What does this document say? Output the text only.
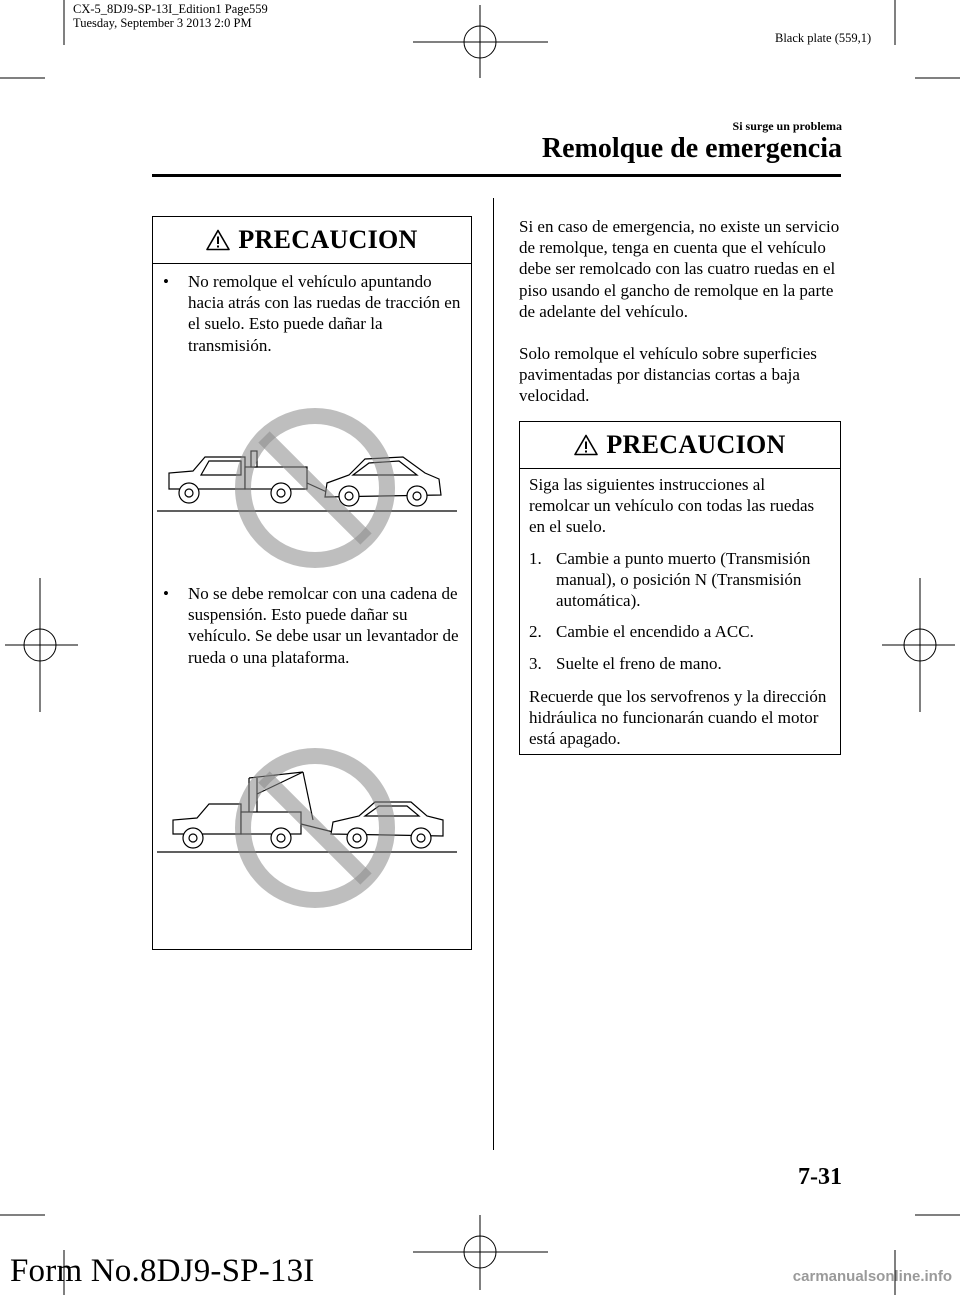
CX-5_8DJ9-SP-13I_Edition1 Page559
Tuesday, September 3 2013 2:0 PM
Black plate (559,1)
Si surge un problema
Remolque de emergencia
PRECAUCION
•	No remolque el vehículo apuntando hacia atrás con las ruedas de tracción en el suelo. Esto puede dañar la transmisión.
•	No se debe remolcar con una cadena de suspensión. Esto puede dañar su vehículo. Se debe usar un levantador de rueda o una plataforma.
Si en caso de emergencia, no existe un servicio de remolque, tenga en cuenta que el vehículo debe ser remolcado con las cuatro ruedas en el piso usando el gancho de remolque en la parte de adelante del vehículo.
Solo remolque el vehículo sobre superficies pavimentadas por distancias cortas a baja velocidad.
PRECAUCION
Siga las siguientes instrucciones al remolcar un vehículo con todas las ruedas en el suelo.
1. Cambie a punto muerto (Transmisión manual), o posición N (Transmisión automática).
2. Cambie el encendido a ACC.
3. Suelte el freno de mano.
Recuerde que los servofrenos y la dirección hidráulica no funcionarán cuando el motor está apagado.
7-31
Form No.8DJ9-SP-13I	carmanualsonline.info
